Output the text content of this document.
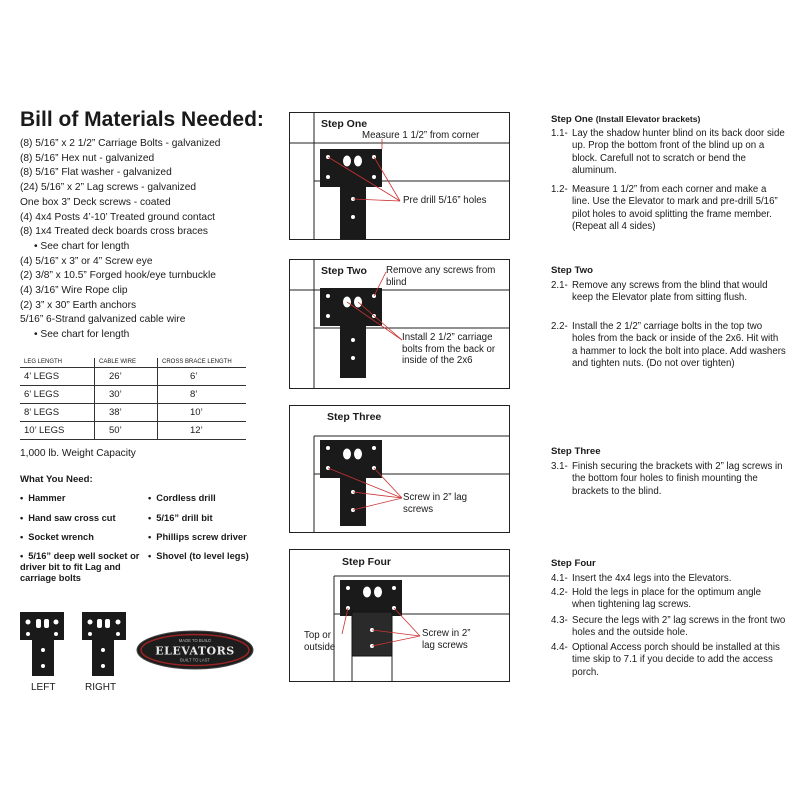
Bill of Materials Needed:
(8) 5/16” x 2 1/2” Carriage Bolts - galvanized
(8) 5/16” Hex nut - galvanized
(8) 5/16” Flat washer - galvanized
(24) 5/16” x 2” Lag screws - galvanized
One box 3” Deck screws - coated
(4) 4x4 Posts 4’-10’ Treated ground contact
(8) 1x4 Treated deck boards cross braces
• See chart for length
(4) 5/16” x 3” or 4” Screw eye
(2) 3/8” x 10.5” Forged hook/eye turnbuckle
(4) 3/16” Wire Rope clip
(2) 3” x 30” Earth anchors
5/16” 6-Strand galvanized cable wire
• See chart for length
LEG LENGTH	CABLE WIRE	CROSS BRACE LENGTH
4’ LEGS	26’	6’
6’ LEGS	30’	8’
8’ LEGS	38’	10’
10’ LEGS	50’	12’
1,000 lb. Weight Capacity
What You Need:
• Hammer
• Hand saw cross cut
• Socket wrench
• 5/16” deep well socket or driver bit to fit Lag and carriage bolts
• Cordless drill
• 5/16” drill bit
• Phillips screw driver
• Shovel (to level legs)
LEFT	RIGHT
MADE TO BUILD
ELEVATORS
BUILT TO LAST
Step One
Measure 1 1/2” from corner
Pre drill 5/16” holes
Step Two Remove any screws from blind
Install 2 1/2” carriage bolts from the back or inside of the 2x6
Step Three
Screw in 2” lag screws
Step Four
Top or outside
Screw in 2” lag screws
Step One (Install Elevator brackets)
1.1- Lay the shadow hunter blind on its back door side up. Prop the bottom front of the blind up on a block. Carefull not to scratch or bend the aluminum.
1.2- Measure 1 1/2” from each corner and make a line. Use the Elevator to mark and pre-drill 5/16” pilot holes to avoid splitting the frame member. (Repeat all 4 sides)
Step Two
2.1- Remove any screws from the blind that would keep the Elevator plate from sitting flush.
2.2- Install the 2 1/2” carriage bolts in the top two holes from the back or inside of the 2x6. Hit with a hammer to lock the bolt into place. Add washers and tighten nuts. (Do not over tighten)
Step Three
3.1- Finish securing the brackets with 2” lag screws in the bottom four holes to finish mounting the brackets to the blind.
Step Four
4.1- Insert the 4x4 legs into the Elevators.
4.2- Hold the legs in place for the optimum angle when tightening lag screws.
4.3- Secure the legs with 2” lag screws in the front two holes and the outside hole.
4.4- Optional Access porch should be installed at this time skip to 7.1 if you decide to add the access porch.
